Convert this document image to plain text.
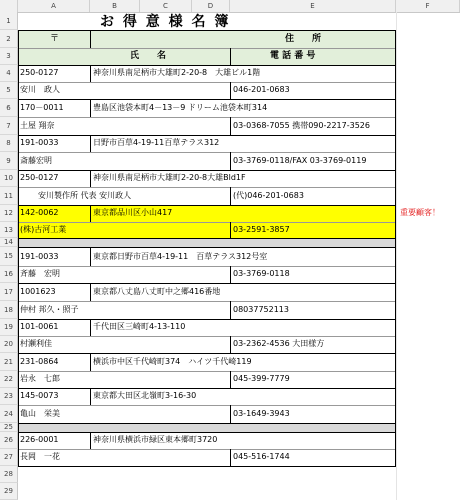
A	B	C	D	E	F
1
2
3
4
5
6
7
8
9
10
11
12
13
14
15
16
17
18
19
20
21
22
23
24
25
26
27
28
29
お 得 意 様 名 簿
〒	住　　所
氏　　名	電 話 番 号
250-0127	神奈川県南足柄市大雄町2-20-8　大雄ビル1階
安川　政人	046-201-0683
170－0011	豊島区池袋本町4－13－9 ドリーム池袋本町314
土屋 翔奈	03-0368-7055 携帯090-2217-3526
191-0033	日野市百草4-19-11百草テラス312
斎藤宏明	03-3769-0118/FAX 03-3769-0119
250-0127	神奈川県南足柄市大雄町2-20-8大雄Bld1F
安川製作所 代表 安川政人	(代)046-201-0683
142-0062	東京都品川区小山417
(株)古河工業	03-2591-3857
重要顧客！
191-0033	東京都日野市百草4-19-11　百草テラス312号室
斉藤　宏明	03-3769-0118
1001623	東京都八丈島八丈町中之郷416番地
仲村 邦久・照子	08037752113
101-0061	千代田区三崎町4-13-110
村瀬利佳	03-2362-4536 大田様方
231-0864	横浜市中区千代崎町374　ハイツ千代崎119
岩永　七郎	045-399-7779
145-0073	東京都大田区北嶺町3-16-30
亀山　栄美	03-1649-3943
226-0001	神奈川県横浜市緑区東本郷町3720
長岡　一花	045-516-1744
